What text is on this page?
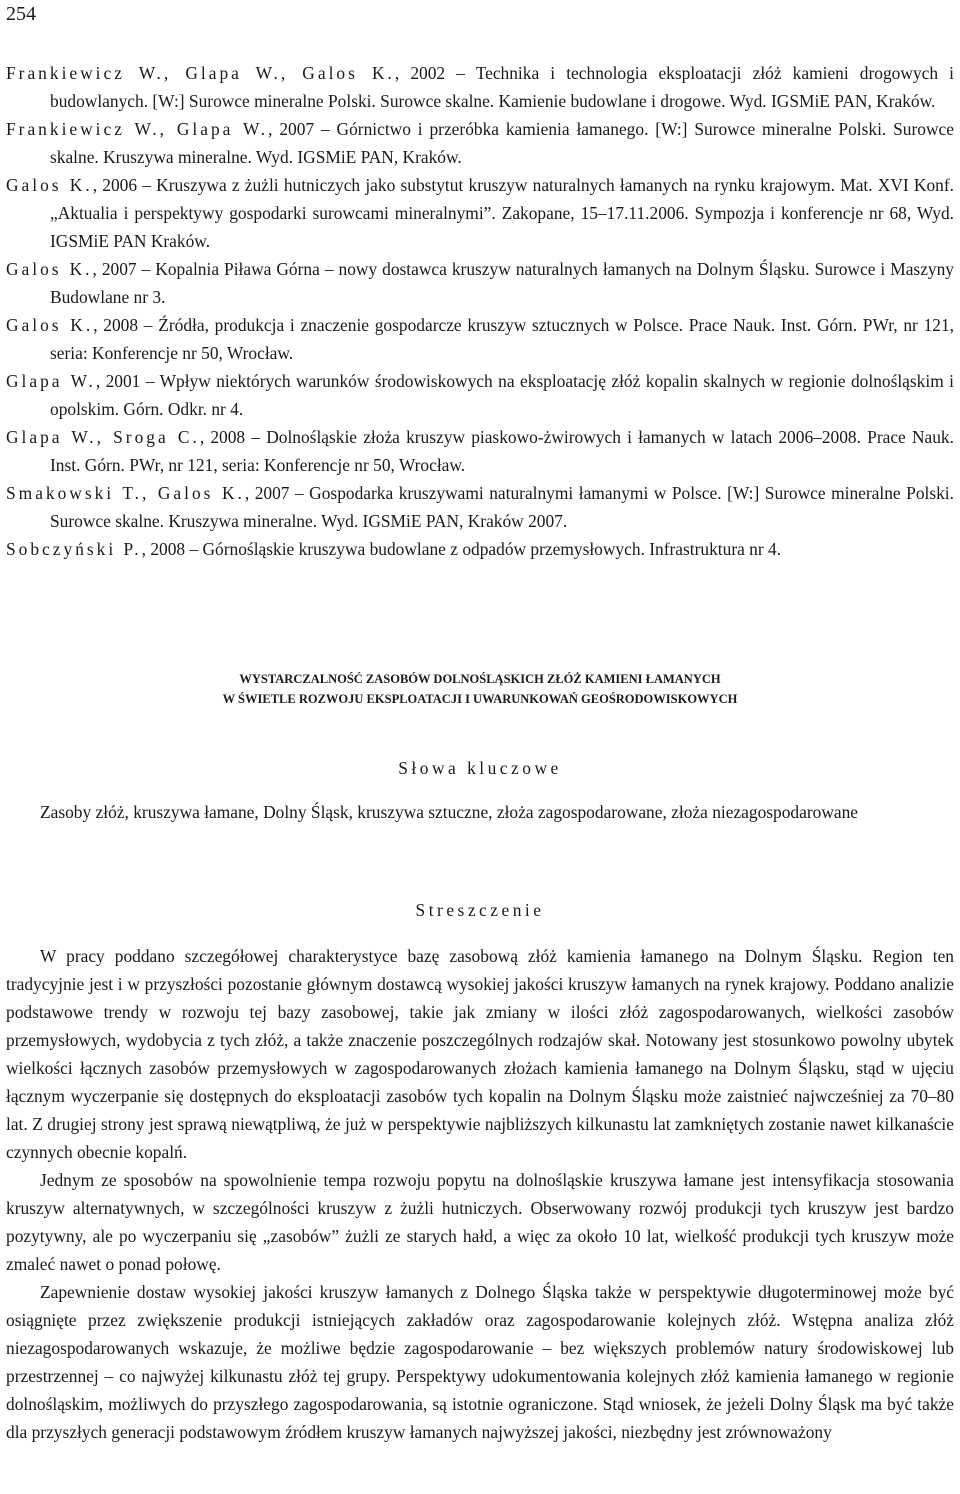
254

Frankiewicz W., Glapa W., Galos K., 2002 – Technika i technologia eksploatacji złóż kamieni drogowych i budowlanych. [W:] Surowce mineralne Polski. Surowce skalne. Kamienie budowlane i drogowe. Wyd. IGSMiE PAN, Kraków.

Frankiewicz W., Glapa W., 2007 – Górnictwo i przeróbka kamienia łamanego. [W:] Surowce mineralne Polski. Surowce skalne. Kruszywa mineralne. Wyd. IGSMiE PAN, Kraków.

Galos K., 2006 – Kruszywa z żużli hutniczych jako substytut kruszyw naturalnych łamanych na rynku krajowym. Mat. XVI Konf. „Aktualia i perspektywy gospodarki surowcami mineralnymi”. Zakopane, 15–17.11.2006. Sympozja i konferencje nr 68, Wyd. IGSMiE PAN Kraków.

Galos K., 2007 – Kopalnia Piława Górna – nowy dostawca kruszyw naturalnych łamanych na Dolnym Śląsku. Surowce i Maszyny Budowlane nr 3.

Galos K., 2008 – Źródła, produkcja i znaczenie gospodarcze kruszyw sztucznych w Polsce. Prace Nauk. Inst. Górn. PWr, nr 121, seria: Konferencje nr 50, Wrocław.

Glapa W., 2001 – Wpływ niektórych warunków środowiskowych na eksploatację złóż kopalin skalnych w regionie dolnośląskim i opolskim. Górn. Odkr. nr 4.

Glapa W., Sroga C., 2008 – Dolnośląskie złoża kruszyw piaskowo-żwirowych i łamanych w latach 2006–2008. Prace Nauk. Inst. Górn. PWr, nr 121, seria: Konferencje nr 50, Wrocław.

Smakowski T., Galos K., 2007 – Gospodarka kruszywami naturalnymi łamanymi w Polsce. [W:] Surowce mineralne Polski. Surowce skalne. Kruszywa mineralne. Wyd. IGSMiE PAN, Kraków 2007.

Sobczyński P., 2008 – Górnośląskie kruszywa budowlane z odpadów przemysłowych. Infrastruktura nr 4.

WYSTARCZALNOŚĆ ZASOBÓW DOLNOŚLĄSKICH ZŁÓŻ KAMIENI ŁAMANYCH
W ŚWIETLE ROZWOJU EKSPLOATACJI I UWARUNKOWAŃ GEOŚRODOWISKOWYCH
Słowa kluczowe
Zasoby złóż, kruszywa łamane, Dolny Śląsk, kruszywa sztuczne, złoża zagospodarowane, złoża niezagospodarowane
Streszczenie

W pracy poddano szczegółowej charakterystyce bazę zasobową złóż kamienia łamanego na Dolnym Śląsku. Region ten tradycyjnie jest i w przyszłości pozostanie głównym dostawcą wysokiej jakości kruszyw łamanych na rynek krajowy. Poddano analizie podstawowe trendy w rozwoju tej bazy zasobowej, takie jak zmiany w ilości złóż zagospodarowanych, wielkości zasobów przemysłowych, wydobycia z tych złóż, a także znaczenie poszczególnych rodzajów skał. Notowany jest stosunkowo powolny ubytek wielkości łącznych zasobów przemysłowych w zagospodarowanych złożach kamienia łamanego na Dolnym Śląsku, stąd w ujęciu łącznym wyczerpanie się dostępnych do eksploatacji zasobów tych kopalin na Dolnym Śląsku może zaistnieć najwcześniej za 70–80 lat. Z drugiej strony jest sprawą niewątpliwą, że już w perspektywie najbliższych kilkunastu lat zamkniętych zostanie nawet kilkanaście czynnych obecnie kopalń.

Jednym ze sposobów na spowolnienie tempa rozwoju popytu na dolnośląskie kruszywa łamane jest intensyfikacja stosowania kruszyw alternatywnych, w szczególności kruszyw z żużli hutniczych. Obserwowany rozwój produkcji tych kruszyw jest bardzo pozytywny, ale po wyczerpaniu się „zasobów” żużli ze starych hałd, a więc za około 10 lat, wielkość produkcji tych kruszyw może zmaleć nawet o ponad połowę.

Zapewnienie dostaw wysokiej jakości kruszyw łamanych z Dolnego Śląska także w perspektywie długoterminowej może być osiągnięte przez zwiększenie produkcji istniejących zakładów oraz zagospodarowanie kolejnych złóż. Wstępna analiza złóż niezagospodarowanych wskazuje, że możliwe będzie zagospodarowanie – bez większych problemów natury środowiskowej lub przestrzennej – co najwyżej kilkunastu złóż tej grupy. Perspektywy udokumentowania kolejnych złóż kamienia łamanego w regionie dolnośląskim, możliwych do przyszłego zagospodarowania, są istotnie ograniczone. Stąd wniosek, że jeżeli Dolny Śląsk ma być także dla przyszłych generacji podstawowym źródłem kruszyw łamanych najwyższej jakości, niezbędny jest zrównoważony
